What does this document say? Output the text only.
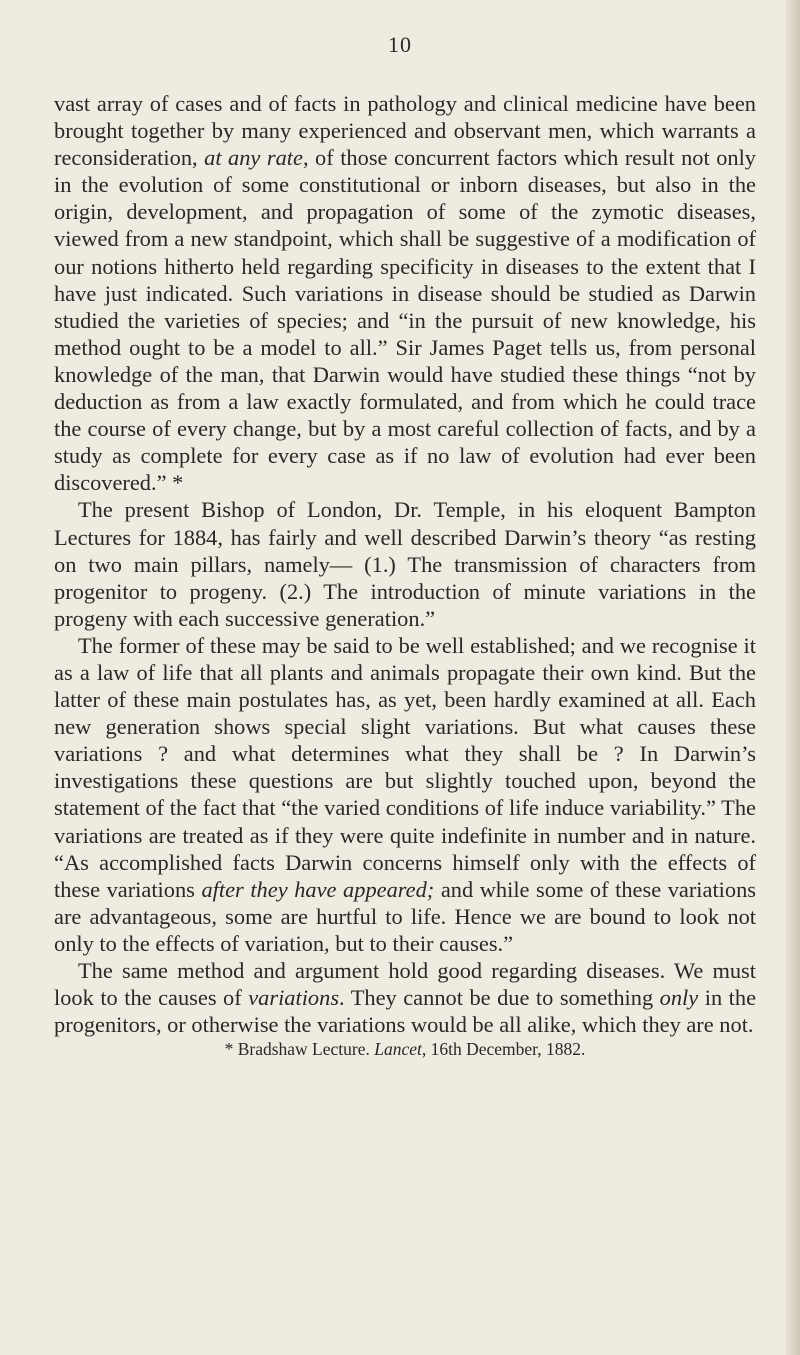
10

vast array of cases and of facts in pathology and clinical medicine have been brought together by many experienced and observant men, which warrants a reconsideration, at any rate, of those concurrent factors which result not only in the evolution of some constitutional or inborn diseases, but also in the origin, development, and propagation of some of the zymotic diseases, viewed from a new standpoint, which shall be suggestive of a modification of our notions hitherto held regarding specificity in diseases to the extent that I have just indicated. Such variations in disease should be studied as Darwin studied the varieties of species; and “in the pursuit of new knowledge, his method ought to be a model to all.” Sir James Paget tells us, from personal knowledge of the man, that Darwin would have studied these things “not by deduction as from a law exactly formulated, and from which he could trace the course of every change, but by a most careful collection of facts, and by a study as complete for every case as if no law of evolution had ever been discovered.” *

The present Bishop of London, Dr. Temple, in his eloquent Bampton Lectures for 1884, has fairly and well described Darwin’s theory “as resting on two main pillars, namely— (1.) The transmission of characters from progenitor to progeny. (2.) The introduction of minute variations in the progeny with each successive generation.”

The former of these may be said to be well established; and we recognise it as a law of life that all plants and animals propagate their own kind. But the latter of these main postulates has, as yet, been hardly examined at all. Each new generation shows special slight variations. But what causes these variations ? and what determines what they shall be ? In Darwin’s investigations these questions are but slightly touched upon, beyond the statement of the fact that “the varied conditions of life induce variability.” The variations are treated as if they were quite indefinite in number and in nature. “As accomplished facts Darwin concerns himself only with the effects of these variations after they have appeared; and while some of these variations are advantageous, some are hurtful to life. Hence we are bound to look not only to the effects of variation, but to their causes.”

The same method and argument hold good regarding diseases. We must look to the causes of variations. They cannot be due to something only in the progenitors, or otherwise the variations would be all alike, which they are not.

* Bradshaw Lecture. Lancet, 16th December, 1882.
